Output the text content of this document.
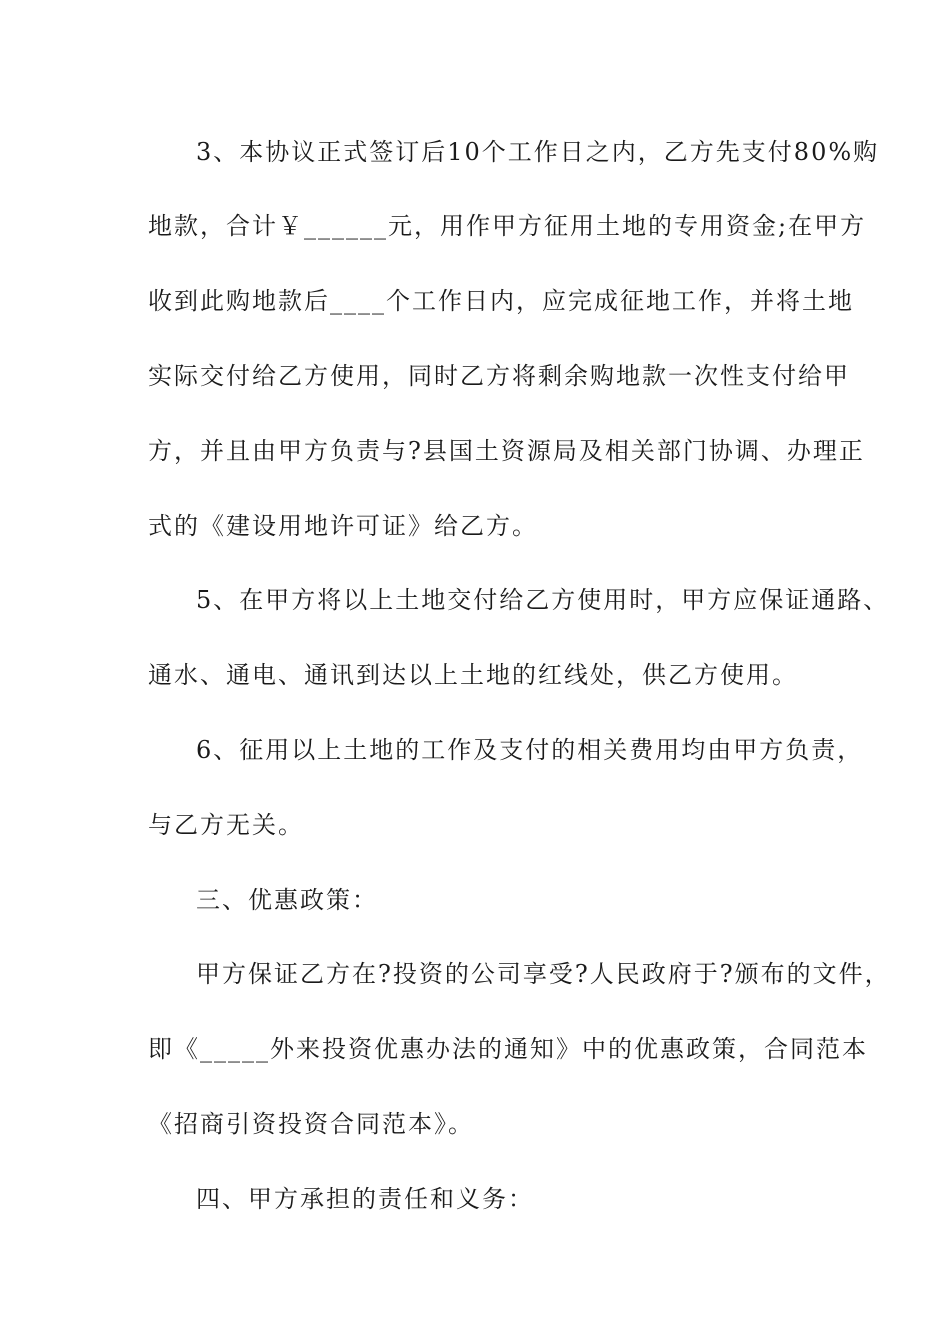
3、本协议正式签订后10个工作日之内，乙方先支付80%购

地款，合计￥______元，用作甲方征用土地的专用资金;在甲方

收到此购地款后____个工作日内，应完成征地工作，并将土地

实际交付给乙方使用，同时乙方将剩余购地款一次性支付给甲

方，并且由甲方负责与?县国土资源局及相关部门协调、办理正

式的《建设用地许可证》给乙方。

5、在甲方将以上土地交付给乙方使用时，甲方应保证通路、

通水、通电、通讯到达以上土地的红线处，供乙方使用。

6、征用以上土地的工作及支付的相关费用均由甲方负责，

与乙方无关。

三、优惠政策：

甲方保证乙方在?投资的公司享受?人民政府于?颁布的文件，

即《_____外来投资优惠办法的通知》中的优惠政策，合同范本

《招商引资投资合同范本》。

四、甲方承担的责任和义务：
